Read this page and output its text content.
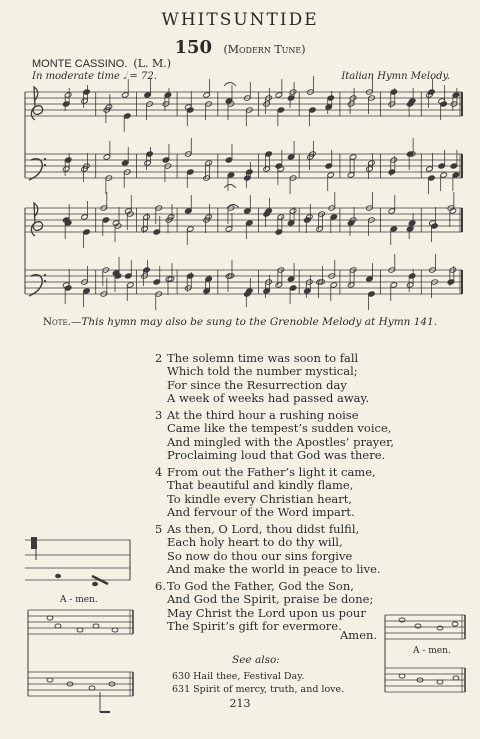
WHITSUNTIDE
150 (Modern Tune)
MONTE CASSINO. (L. M.)
In moderate time 𝅗𝅥 = 72.	Italian Hymn Melody.
Note.—This hymn may also be sung to the Grenoble Melody at Hymn 141.
2 The solemn time was soon to fall
Which told the number mystical;
For since the Resurrection day
A week of weeks had passed away.
3 At the third hour a rushing noise
Came like the tempest’s sudden voice,
And mingled with the Apostles’ prayer,
Proclaiming loud that God was there.
4 From out the Father’s light it came,
That beautiful and kindly flame,
To kindle every Christian heart,
And fervour of the Word impart.
5 As then, O Lord, thou didst fulfil,
Each holy heart to do thy will,
So now do thou our sins forgive
And make the world in peace to live.
6. To God the Father, God the Son,
And God the Spirit, praise be done;
May Christ the Lord upon us pour
The Spirit’s gift for evermore.
Amen.
A - men.
A - men.
See also:
630 Hail thee, Festival Day.
631 Spirit of mercy, truth, and love.
213
